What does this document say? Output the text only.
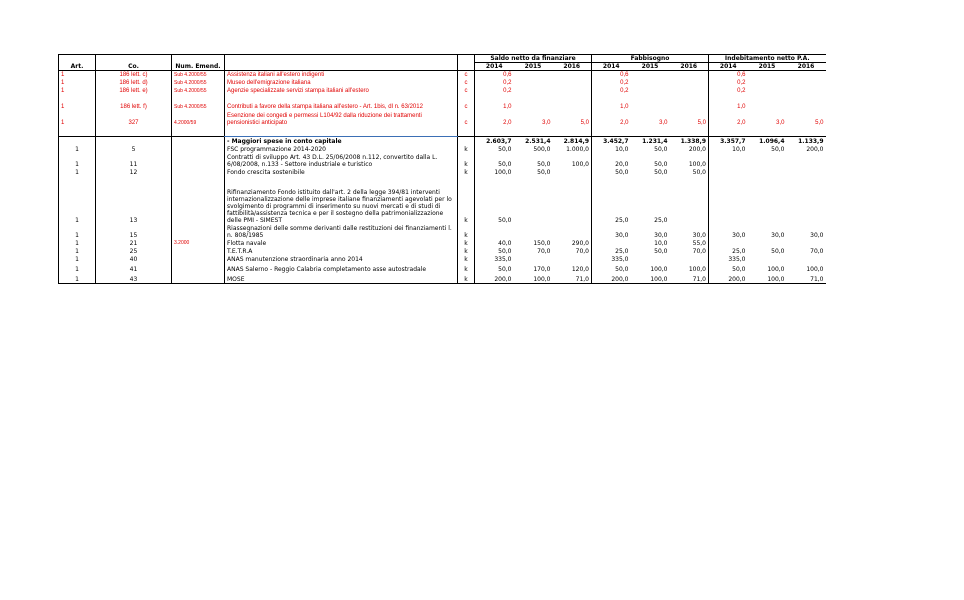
Art.	Co.	Num. Emend.			Saldo netto da finanziare			Fabbisogno			Indebitamento netto P.A.		
					2014	2015	2016	2014	2015	2016	2014	2015	2016
1	186 lett. c)	Sub 4.2000/55	Assistenza italiani all'estero indigenti	c	0,6			0,6			0,6		
1	186 lett. d)	Sub 4.2000/55	Museo dell'emigrazione italiana	c	0,2			0,2			0,2		
1	186 lett. e)	Sub 4.2000/55	Agenzie specializzate servizi stampa italiani all'estero	c	0,2			0,2			0,2		
1	186 lett. f)	Sub 4.2000/55	Contributi a favore della stampa italiana all'estero - Art. 1bis, dl n. 63/2012	c	1,0			1,0			1,0		
1	327	4.2000/59	Esenzione dei congedi e permessi L104/92 dalla riduzione dei trattamenti pensionistici anticipato	c	2,0	3,0	5,0	2,0	3,0	5,0	2,0	3,0	5,0

			- Maggiori spese in conto capitale		2.603,7	2.531,4	2.814,9	3.452,7	1.231,4	1.338,9	3.357,7	1.096,4	1.133,9
1	5		FSC programmazione 2014-2020	k	50,0	500,0	1.000,0	10,0	50,0	200,0	10,0	50,0	200,0
1	11		Contratti di sviluppo Art. 43 D.L. 25/06/2008 n.112, convertito dalla L. 6/08/2008, n.133 - Settore industriale e turistico	k	50,0	50,0	100,0	20,0	50,0	100,0			
1	12		Fondo crescita sostenibile	k	100,0	50,0		50,0	50,0	50,0			
1	13		Rifinanziamento Fondo istituito dall'art. 2 della legge 394/81 interventi internazionalizzazione delle imprese italiane finanziamenti agevolati per lo svolgimento di programmi di inserimento su nuovi mercati e di studi di fattibilità/assistenza tecnica e per il sostegno della patrimonializzazione delle PMI - SIMEST	k	50,0			25,0	25,0				
1	15		Riassegnazioni delle somme derivanti dalle restituzioni dei finanziamenti l. n. 808/1985	k				30,0	30,0	30,0	30,0	30,0	30,0
1	21	3.2000	Flotta navale	k	40,0	150,0	290,0		10,0	55,0			
1	25		T.E.T.R.A	k	50,0	70,0	70,0	25,0	50,0	70,0	25,0	50,0	70,0
1	40		ANAS manutenzione straordinaria anno 2014	k	335,0			335,0			335,0		
1	41		ANAS Salerno - Reggio Calabria completamento asse autostradale	k	50,0	170,0	120,0	50,0	100,0	100,0	50,0	100,0	100,0
1	43		MOSE	k	200,0	100,0	71,0	200,0	100,0	71,0	200,0	100,0	71,0
